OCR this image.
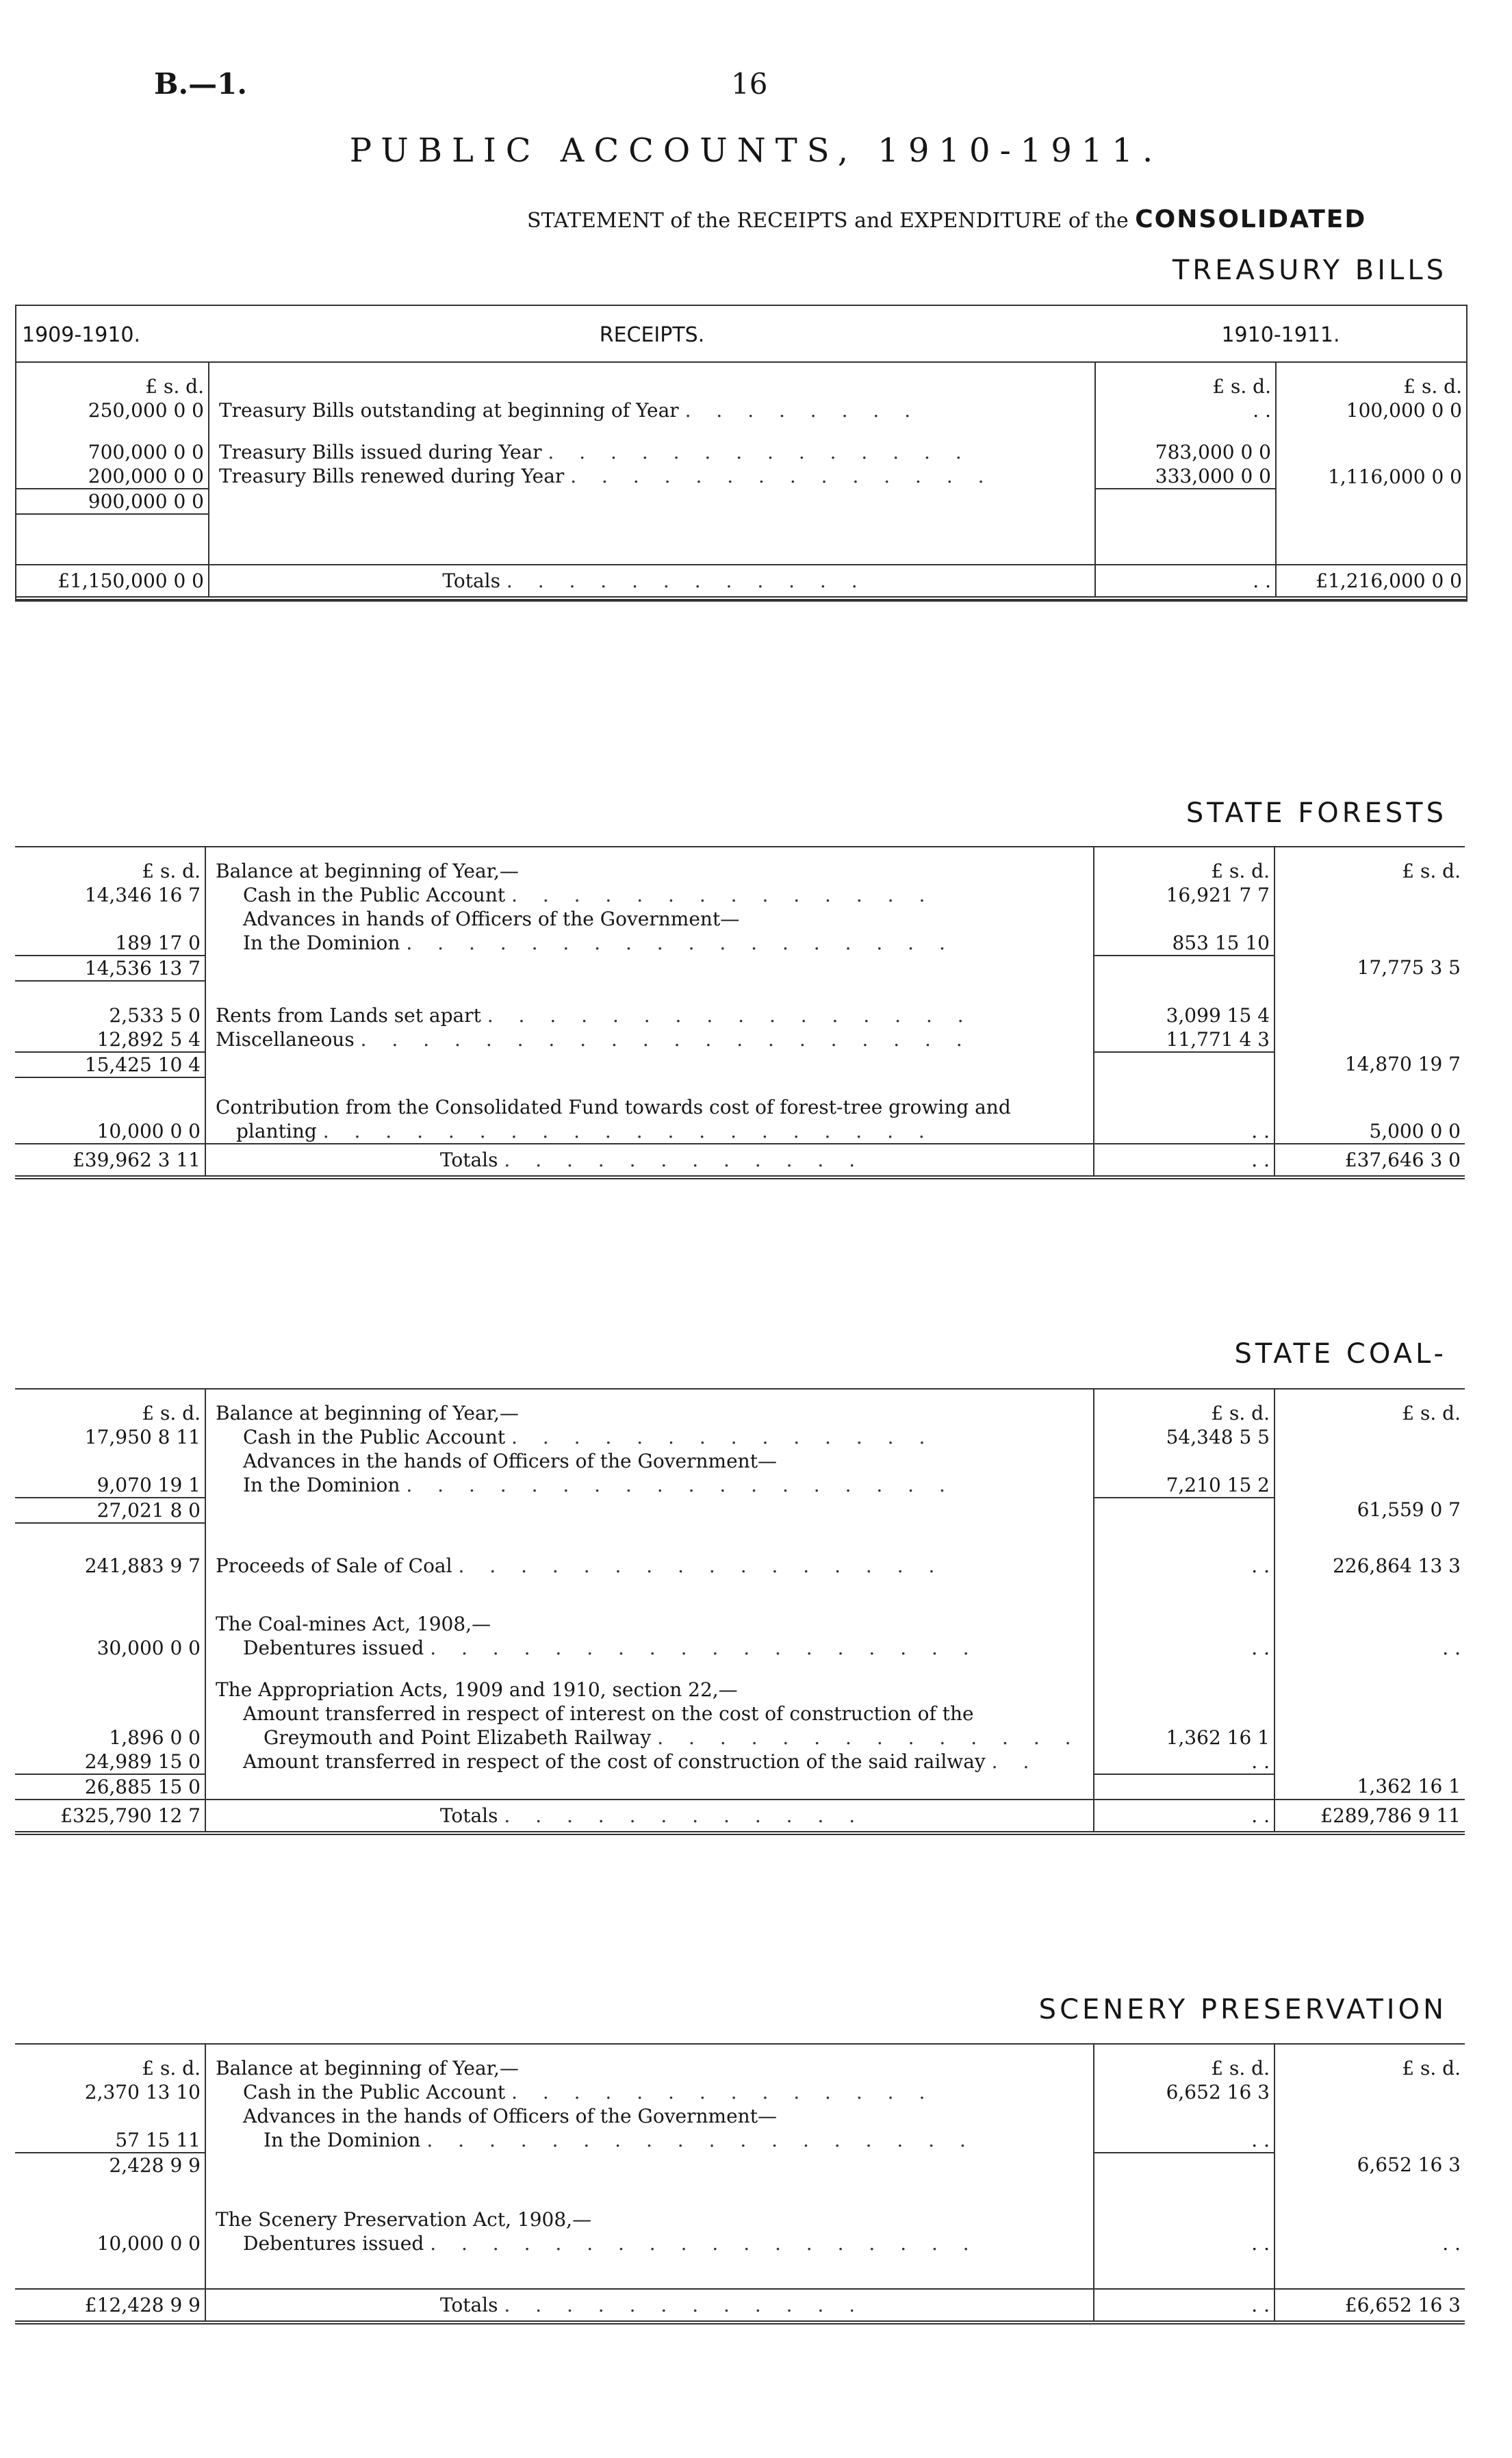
B.—1.	16
PUBLIC ACCOUNTS, 1910-1911.
STATEMENT of the RECEIPTS and EXPENDITURE of the CONSOLIDATED
TREASURY BILLS
1909-1910.	RECEIPTS.	1910-1911.	
£ s. d.		£ s. d.	£ s. d.
250,000 0 0	Treasury Bills outstanding at beginning of Year . . . . . . . .	. .	100,000 0 0

700,000 0 0	Treasury Bills issued during Year . . . . . . . . . . . . . .	783,000 0 0	
200,000 0 0	Treasury Bills renewed during Year . . . . . . . . . . . . . .	333,000 0 0	1,116,000 0 0
900,000 0 0			

£1,150,000 0 0	Totals . . . . . . . . . . . .	. .	£1,216,000 0 0
STATE FORESTS
£ s. d.	Balance at beginning of Year,—	£ s. d.	£ s. d.
14,346 16 7	Cash in the Public Account . . . . . . . . . . . . . .	16,921 7 7	
	Advances in hands of Officers of the Government—		
189 17 0	In the Dominion . . . . . . . . . . . . . . . . . .	853 15 10	
14,536 13 7			17,775 3 5

2,533 5 0	Rents from Lands set apart . . . . . . . . . . . . . . . .	3,099 15 4	
12,892 5 4	Miscellaneous . . . . . . . . . . . . . . . . . . . .	11,771 4 3	
15,425 10 4			14,870 19 7

	Contribution from the Consolidated Fund towards cost of forest-tree growing and		
10,000 0 0	planting . . . . . . . . . . . . . . . . . . . .	. .	5,000 0 0
£39,962 3 11	Totals . . . . . . . . . . . .	. .	£37,646 3 0
STATE COAL-
£ s. d.	Balance at beginning of Year,—	£ s. d.	£ s. d.
17,950 8 11	Cash in the Public Account . . . . . . . . . . . . . .	54,348 5 5	
	Advances in the hands of Officers of the Government—		
9,070 19 1	In the Dominion . . . . . . . . . . . . . . . . . .	7,210 15 2	
27,021 8 0			61,559 0 7

241,883 9 7	Proceeds of Sale of Coal . . . . . . . . . . . . . . . .	. .	226,864 13 3

	The Coal-mines Act, 1908,—		
30,000 0 0	Debentures issued . . . . . . . . . . . . . . . . . .	. .	. .

	The Appropriation Acts, 1909 and 1910, section 22,—		
	Amount transferred in respect of interest on the cost of construction of the		
1,896 0 0	Greymouth and Point Elizabeth Railway . . . . . . . . . . . . . .	1,362 16 1	
24,989 15 0	Amount transferred in respect of the cost of construction of the said railway . .	. .	
26,885 15 0			1,362 16 1
£325,790 12 7	Totals . . . . . . . . . . . .	. .	£289,786 9 11
SCENERY PRESERVATION
£ s. d.	Balance at beginning of Year,—	£ s. d.	£ s. d.
2,370 13 10	Cash in the Public Account . . . . . . . . . . . . . .	6,652 16 3	
	Advances in the hands of Officers of the Government—		
57 15 11	In the Dominion . . . . . . . . . . . . . . . . . .	. .	
2,428 9 9			6,652 16 3

	The Scenery Preservation Act, 1908,—		
10,000 0 0	Debentures issued . . . . . . . . . . . . . . . . . .	. .	. .

£12,428 9 9	Totals . . . . . . . . . . . .	. .	£6,652 16 3
